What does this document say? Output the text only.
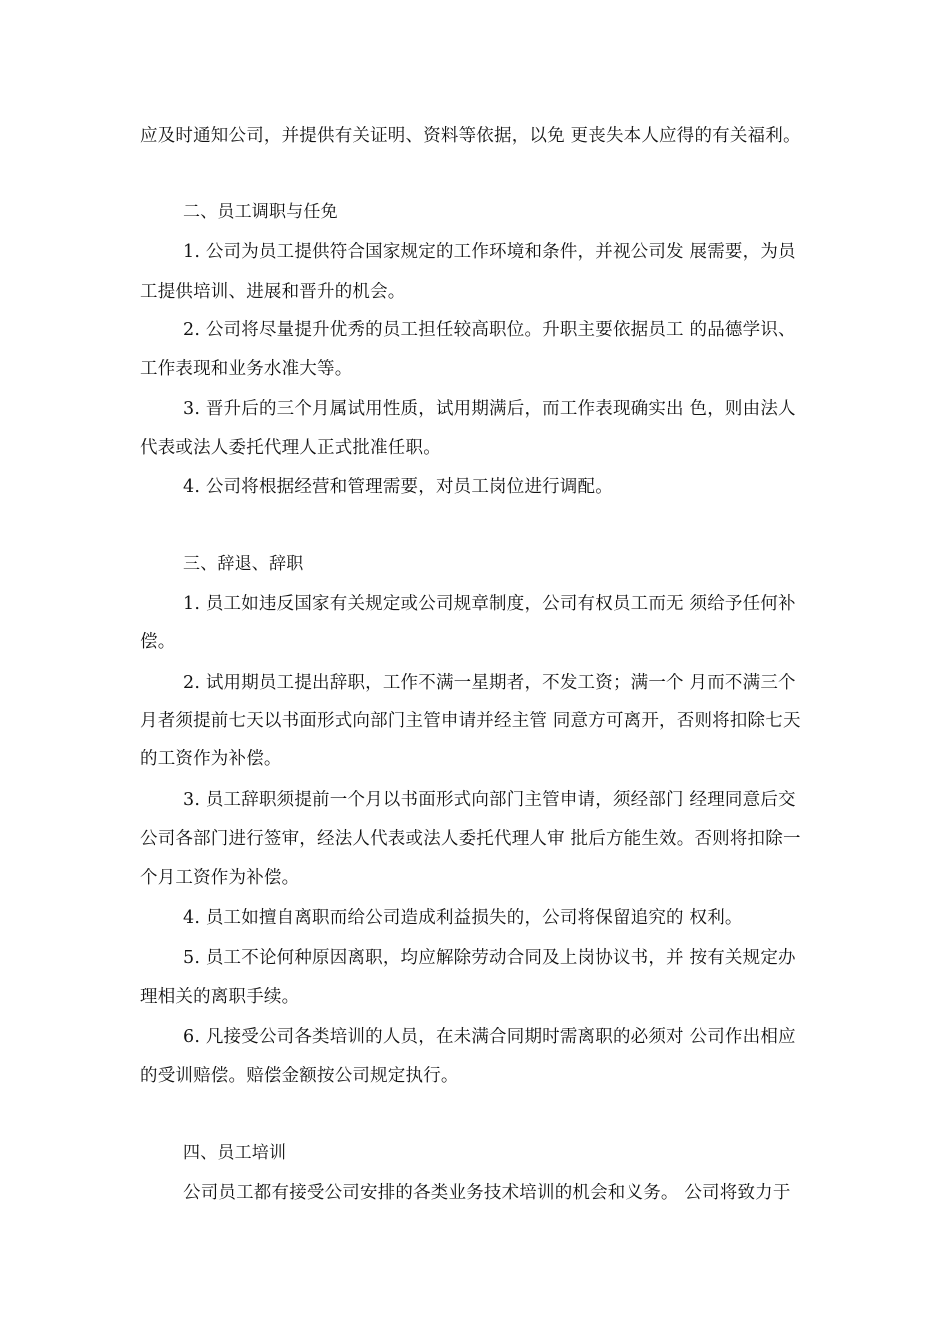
应及时通知公司，并提供有关证明、资料等依据，以免 更丧失本人应得的有关福利。
二、员工调职与任免
1. 公司为员工提供符合国家规定的工作环境和条件，并视公司发 展需要，为员
工提供培训、进展和晋升的机会。
2. 公司将尽量提升优秀的员工担任较高职位。升职主要依据员工 的品德学识、
工作表现和业务水准大等。
3. 晋升后的三个月属试用性质，试用期满后，而工作表现确实出 色，则由法人
代表或法人委托代理人正式批准任职。
4. 公司将根据经营和管理需要，对员工岗位进行调配。
三、辞退、辞职
1. 员工如违反国家有关规定或公司规章制度，公司有权员工而无 须给予任何补
偿。
2. 试用期员工提出辞职，工作不满一星期者，不发工资；满一个 月而不满三个
月者须提前七天以书面形式向部门主管申请并经主管 同意方可离开，否则将扣除七天
的工资作为补偿。
3. 员工辞职须提前一个月以书面形式向部门主管申请，须经部门 经理同意后交
公司各部门进行签审，经法人代表或法人委托代理人审 批后方能生效。否则将扣除一
个月工资作为补偿。
4. 员工如擅自离职而给公司造成利益损失的，公司将保留追究的 权利。
5. 员工不论何种原因离职，均应解除劳动合同及上岗协议书，并 按有关规定办
理相关的离职手续。
6. 凡接受公司各类培训的人员，在未满合同期时需离职的必须对 公司作出相应
的受训赔偿。赔偿金额按公司规定执行。
四、员工培训
公司员工都有接受公司安排的各类业务技术培训的机会和义务。 公司将致力于
